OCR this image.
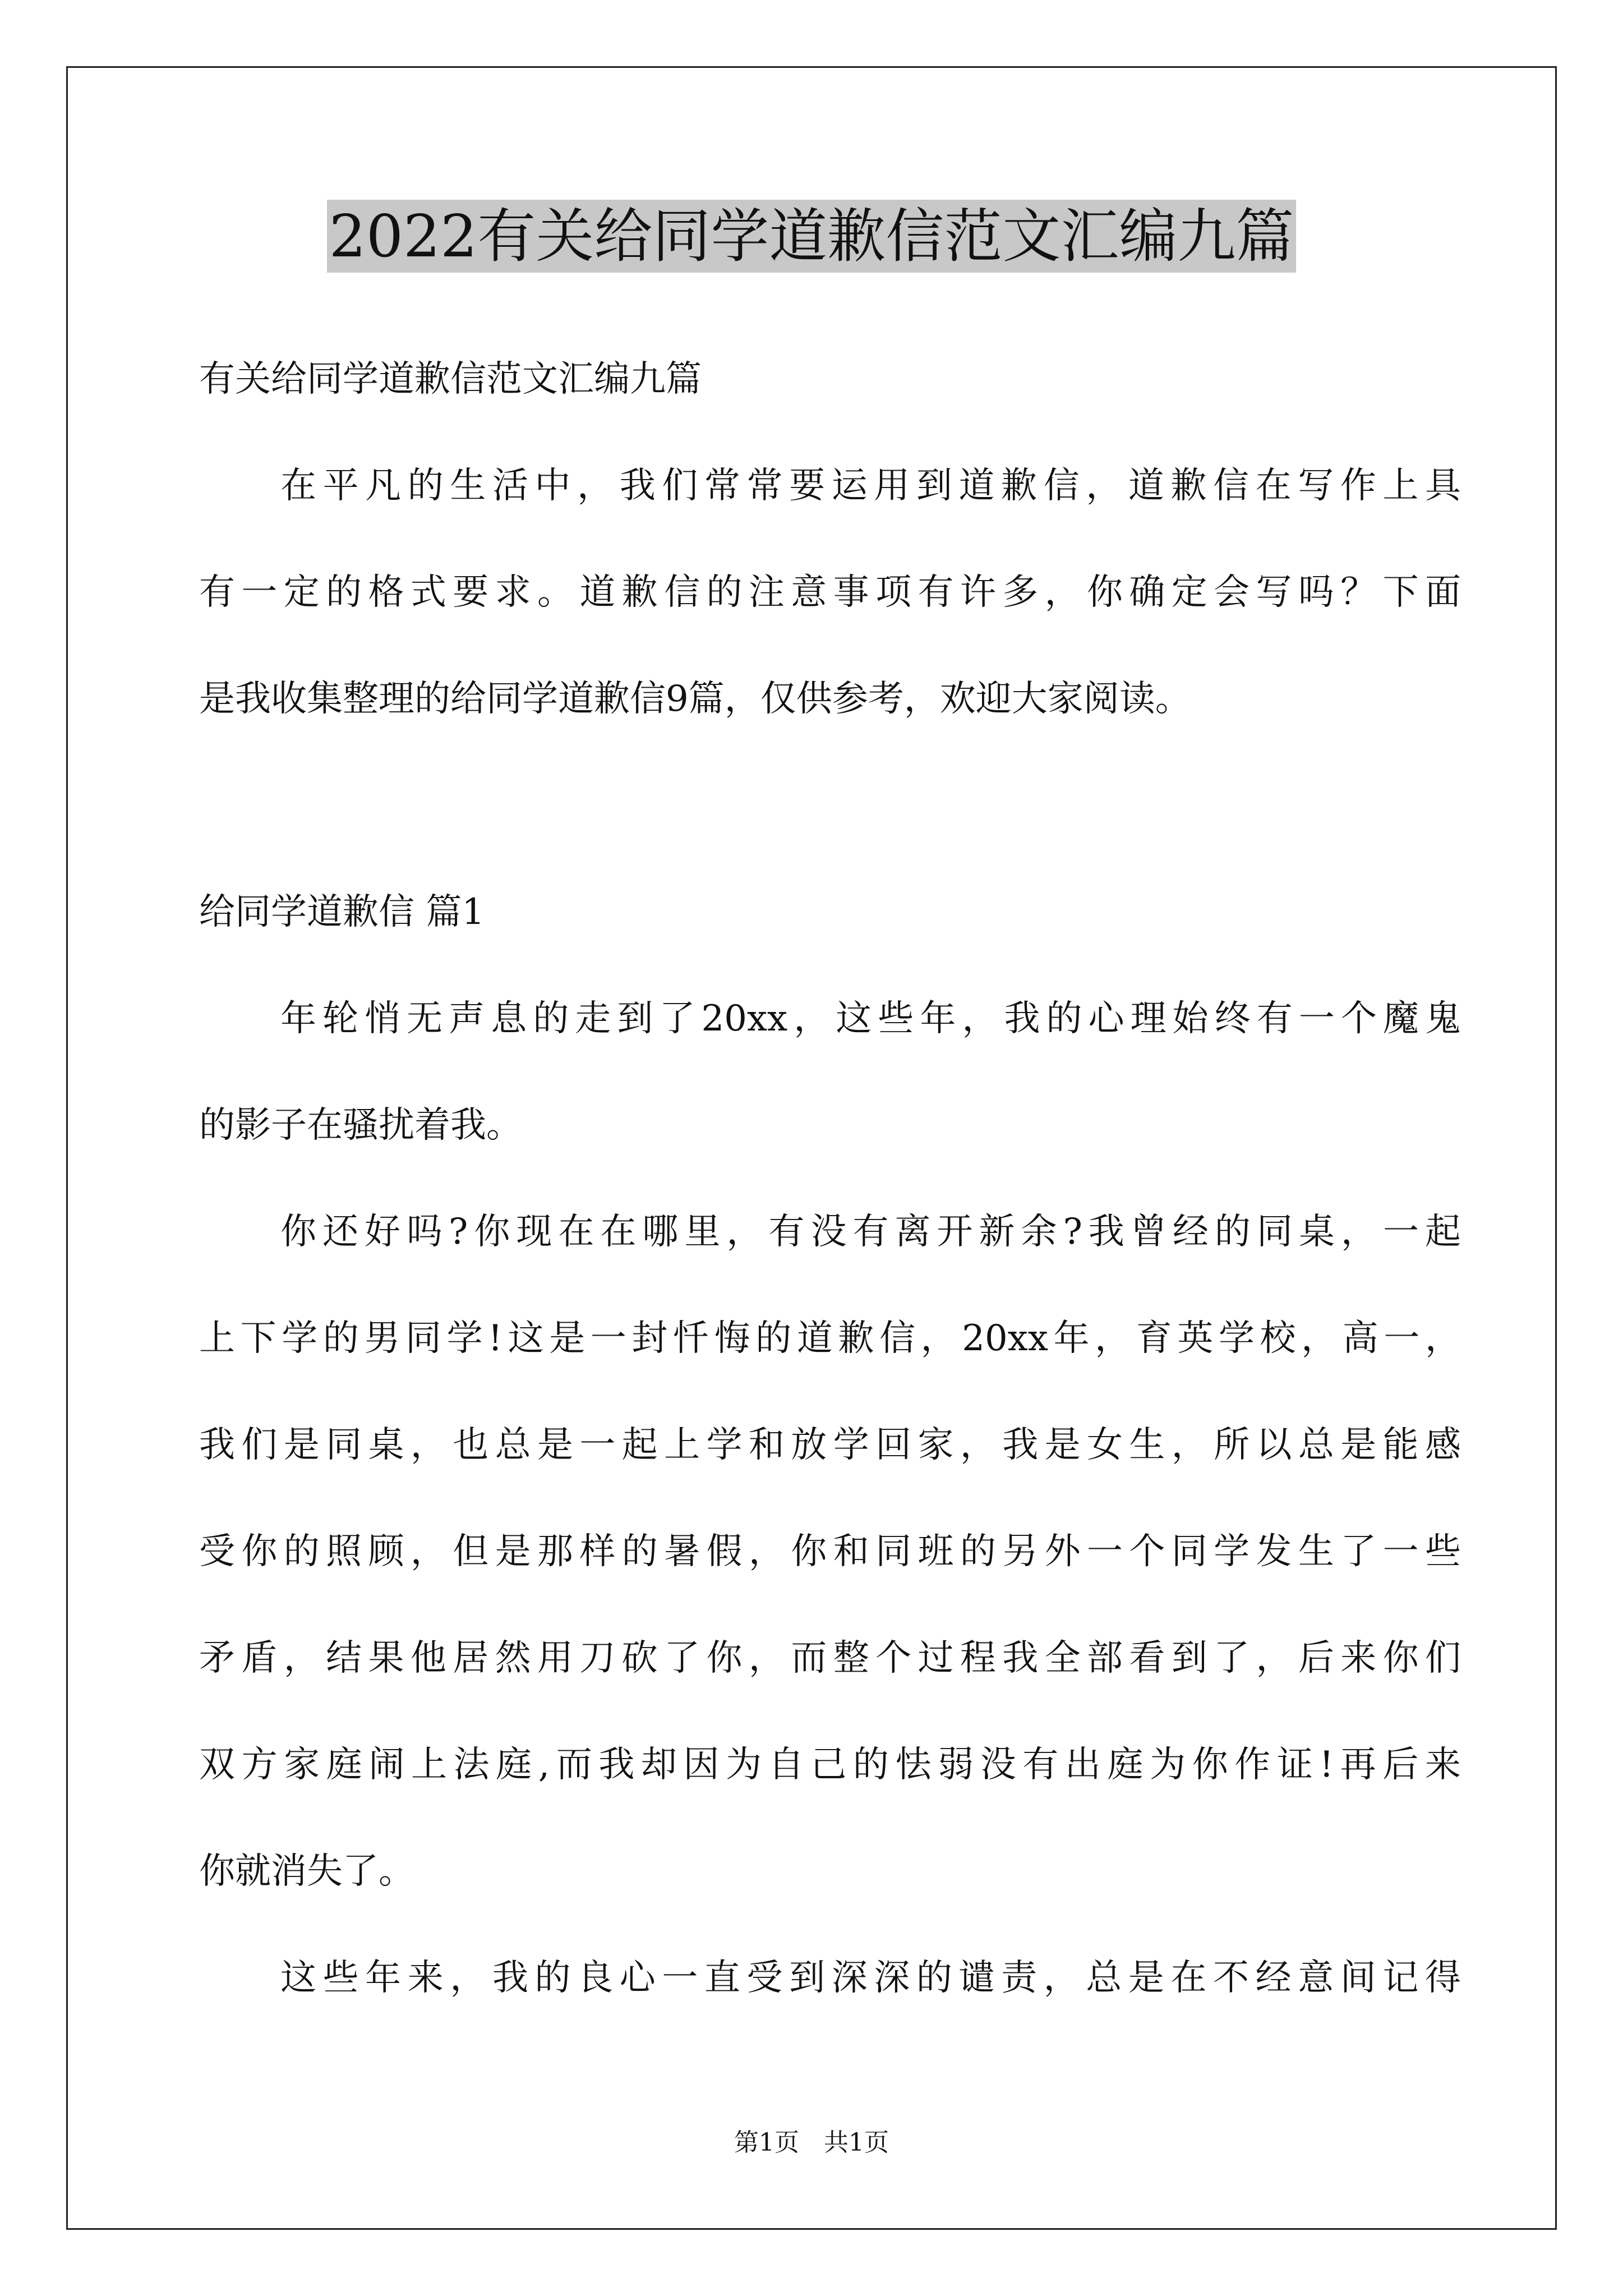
2022有关给同学道歉信范文汇编九篇
有关给同学道歉信范文汇编九篇
在平凡的生活中，我们常常要运用到道歉信，道歉信在写作上具
有一定的格式要求。道歉信的注意事项有许多，你确定会写吗？下面
是我收集整理的给同学道歉信9篇，仅供参考，欢迎大家阅读。
给同学道歉信 篇1
年轮悄无声息的走到了20xx，这些年，我的心理始终有一个魔鬼
的影子在骚扰着我。
你还好吗?你现在在哪里，有没有离开新余?我曾经的同桌，一起
上下学的男同学!这是一封忏悔的道歉信，20xx年，育英学校，高一，
我们是同桌，也总是一起上学和放学回家，我是女生，所以总是能感
受你的照顾，但是那样的暑假，你和同班的另外一个同学发生了一些
矛盾，结果他居然用刀砍了你，而整个过程我全部看到了，后来你们
双方家庭闹上法庭,而我却因为自己的怯弱没有出庭为你作证!再后来
你就消失了。
这些年来，我的良心一直受到深深的谴责，总是在不经意间记得
第1页　共1页
